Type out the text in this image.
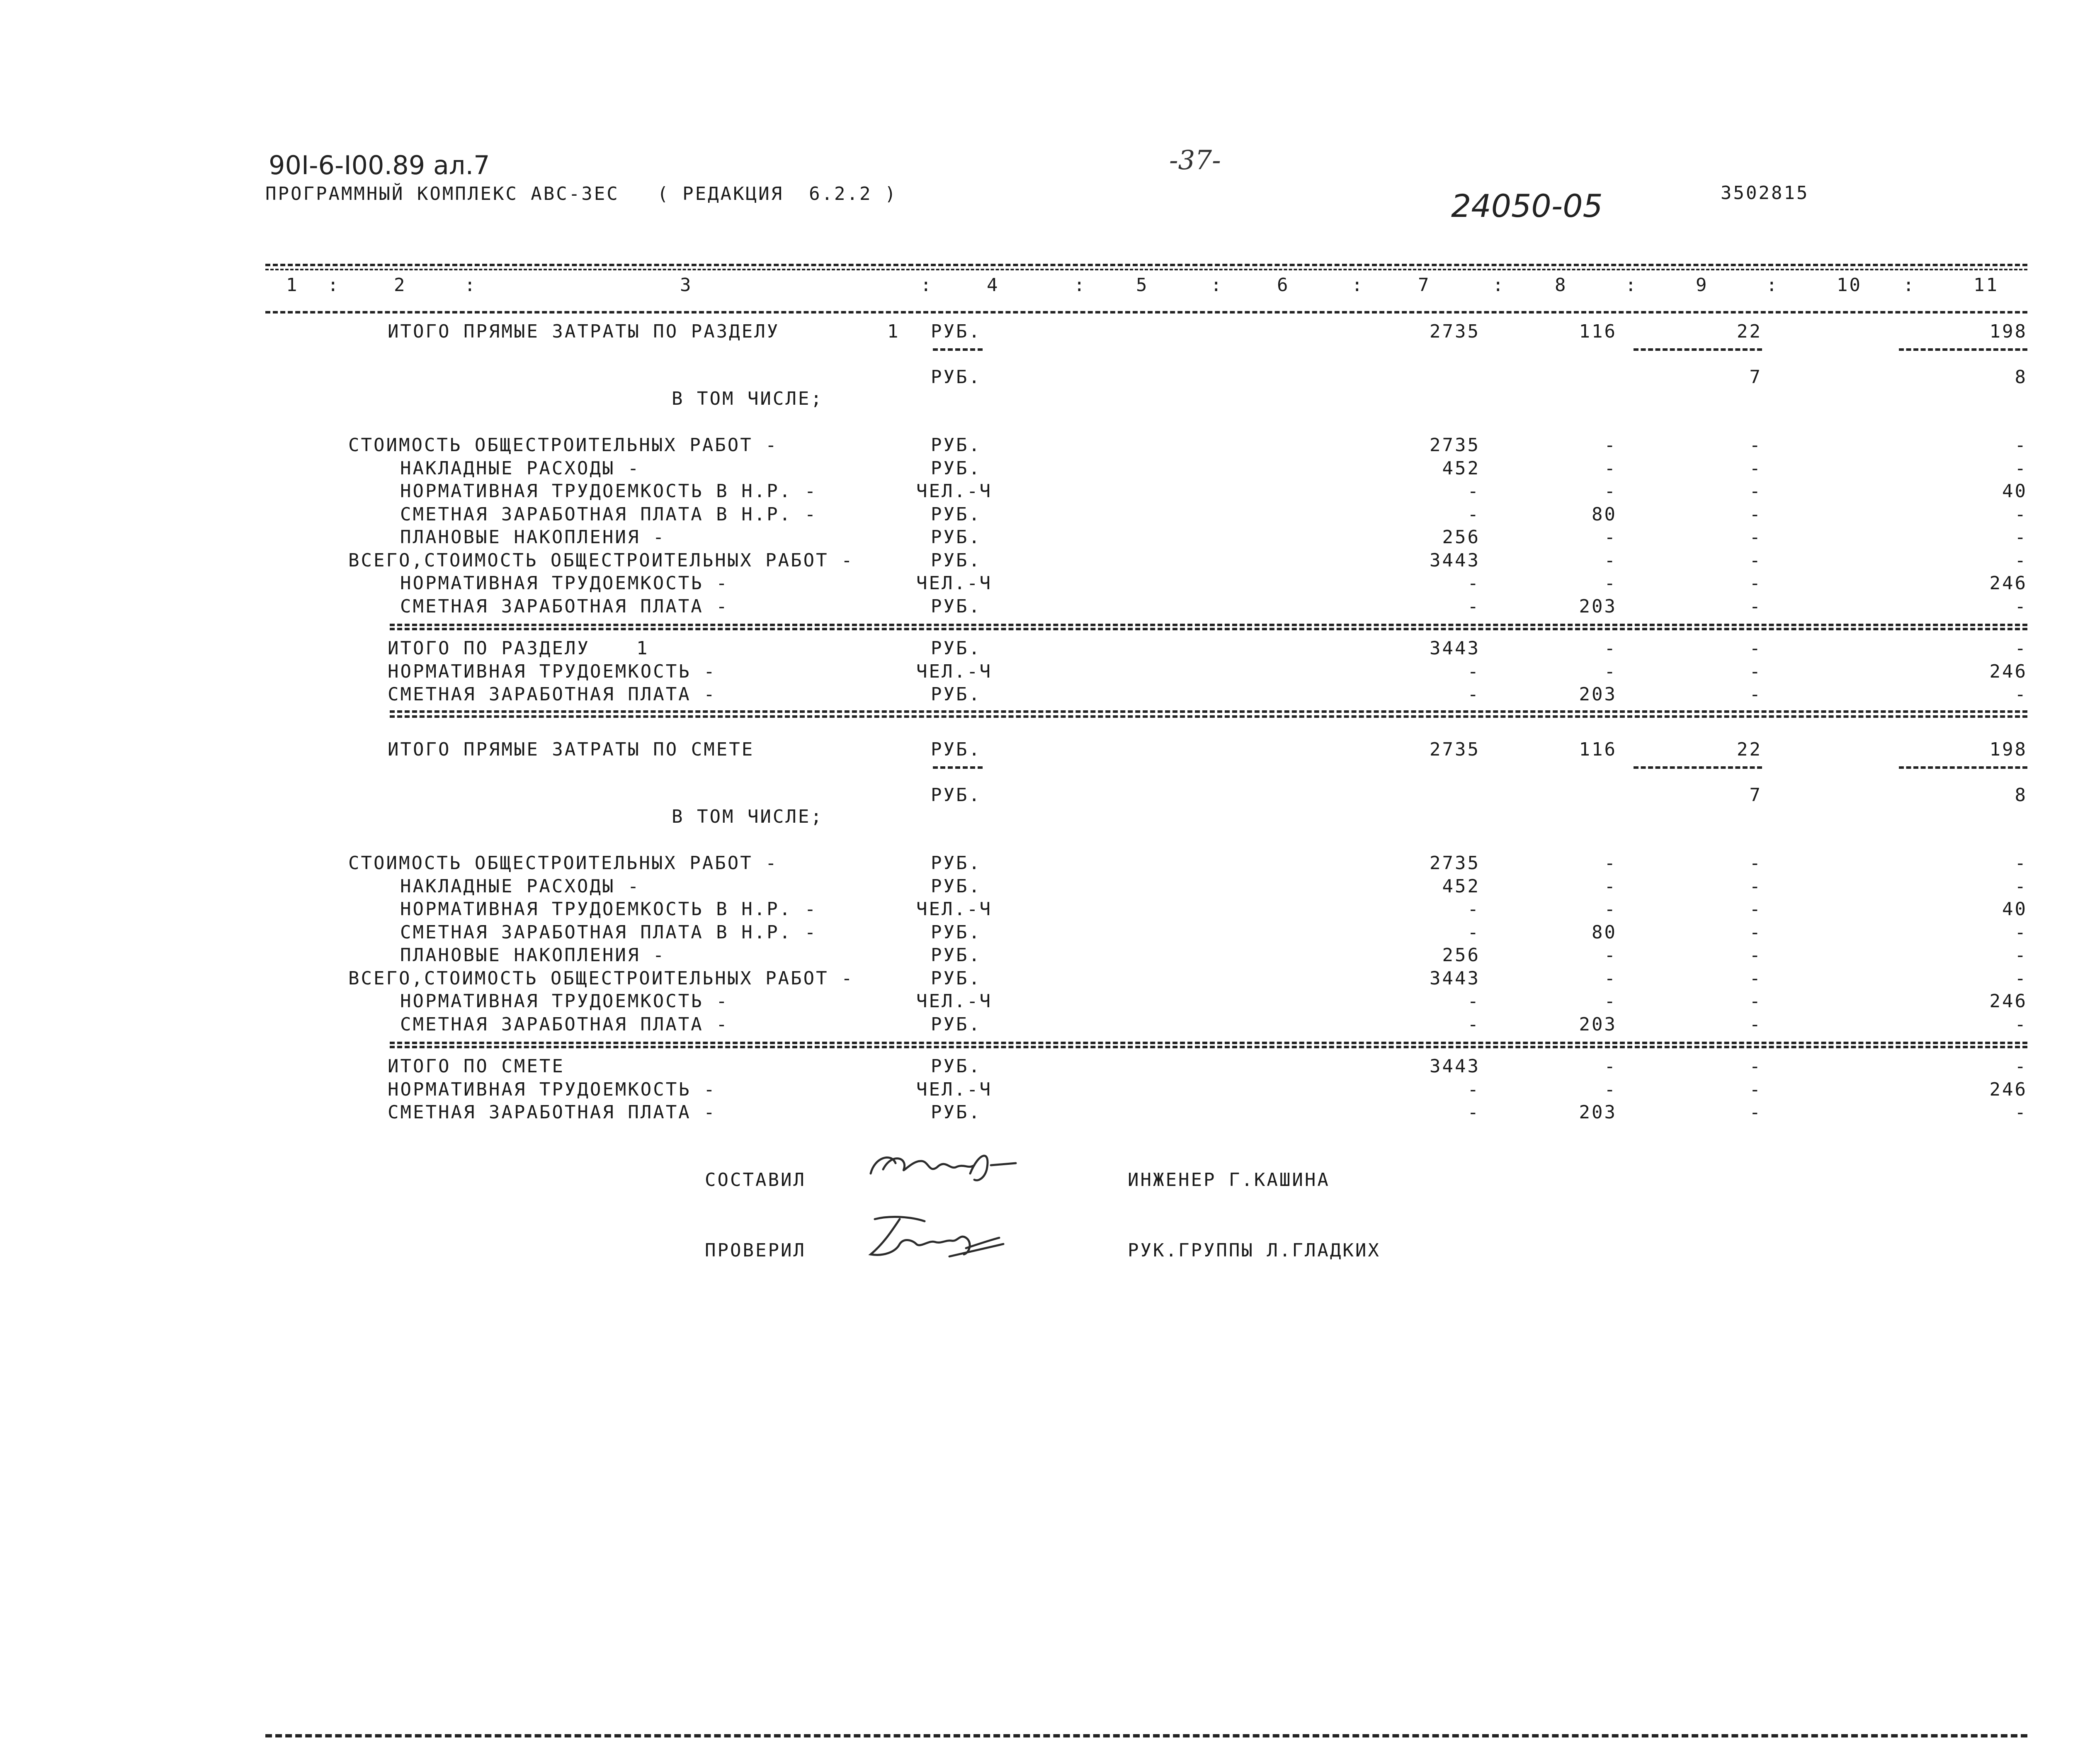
90I-6-I00.89 ал.7
ПРОГРАММНЫЙ КОМПЛЕКС АВС-3ЕС   ( РЕДАКЦИЯ  6.2.2 )
-37-
24050-05	3502815
1	2	3	4	5	6	7	8	9	10	11
:	:	:	:	:	:	:	:	:	:
ИТОГО ПРЯМЫЕ ЗАТРАТЫ ПО РАЗДЕЛУ	1 РУБ.	2735	116	22	198
РУБ.	7	8
В ТОМ ЧИСЛЕ;
СТОИМОСТЬ ОБЩЕСТРОИТЕЛЬНЫХ РАБОТ -	РУБ.	2735	-	-	-
НАКЛАДНЫЕ РАСХОДЫ -	РУБ.	452	-	-	-
НОРМАТИВНАЯ ТРУДОЕМКОСТЬ В Н.Р. -	ЧЕЛ.-Ч	-	-	-	40
СМЕТНАЯ ЗАРАБОТНАЯ ПЛАТА В Н.Р. -	РУБ.	-	80	-	-
ПЛАНОВЫЕ НАКОПЛЕНИЯ -	РУБ.	256	-	-	-
ВСЕГО,СТОИМОСТЬ ОБЩЕСТРОИТЕЛЬНЫХ РАБОТ -	РУБ.	3443	-	-	-
НОРМАТИВНАЯ ТРУДОЕМКОСТЬ -	ЧЕЛ.-Ч	-	-	-	246
СМЕТНАЯ ЗАРАБОТНАЯ ПЛАТА -	РУБ.	-	203	-	-
ИТОГО ПО РАЗДЕЛУ	1	РУБ.	3443	-	-	-
НОРМАТИВНАЯ ТРУДОЕМКОСТЬ -	ЧЕЛ.-Ч	-	-	-	246
СМЕТНАЯ ЗАРАБОТНАЯ ПЛАТА -	РУБ.	-	203	-	-
ИТОГО ПРЯМЫЕ ЗАТРАТЫ ПО СМЕТЕ	РУБ.	2735	116	22	198
РУБ.	7	8
В ТОМ ЧИСЛЕ;
СТОИМОСТЬ ОБЩЕСТРОИТЕЛЬНЫХ РАБОТ -	РУБ.	2735	-	-	-
НАКЛАДНЫЕ РАСХОДЫ -	РУБ.	452	-	-	-
НОРМАТИВНАЯ ТРУДОЕМКОСТЬ В Н.Р. -	ЧЕЛ.-Ч	-	-	-	40
СМЕТНАЯ ЗАРАБОТНАЯ ПЛАТА В Н.Р. -	РУБ.	-	80	-	-
ПЛАНОВЫЕ НАКОПЛЕНИЯ -	РУБ.	256	-	-	-
ВСЕГО,СТОИМОСТЬ ОБЩЕСТРОИТЕЛЬНЫХ РАБОТ -	РУБ.	3443	-	-	-
НОРМАТИВНАЯ ТРУДОЕМКОСТЬ -	ЧЕЛ.-Ч	-	-	-	246
СМЕТНАЯ ЗАРАБОТНАЯ ПЛАТА -	РУБ.	-	203	-	-
ИТОГО ПО СМЕТЕ	РУБ.	3443	-	-	-
НОРМАТИВНАЯ ТРУДОЕМКОСТЬ -	ЧЕЛ.-Ч	-	-	-	246
СМЕТНАЯ ЗАРАБОТНАЯ ПЛАТА -	РУБ.	-	203	-	-
СОСТАВИЛ	ИНЖЕНЕР Г.КАШИНА
ПРОВЕРИЛ	РУК.ГРУППЫ Л.ГЛАДКИХ
